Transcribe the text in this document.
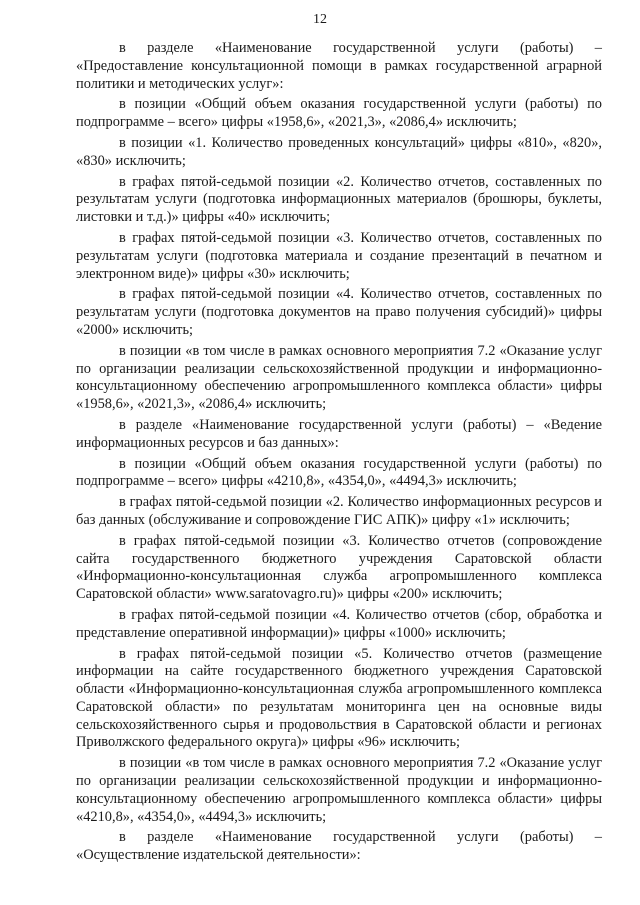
12

в разделе «Наименование государственной услуги (работы) – «Предоставление консультационной помощи в рамках государственной аграрной политики и методических услуг»:

в позиции «Общий объем оказания государственной услуги (работы) по подпрограмме – всего» цифры «1958,6», «2021,3», «2086,4» исключить;

в позиции «1. Количество проведенных консультаций» цифры «810», «820», «830» исключить;

в графах пятой-седьмой позиции «2. Количество отчетов, составленных по результатам услуги (подготовка информационных материалов (брошюры, буклеты, листовки и т.д.)» цифры «40» исключить;

в графах пятой-седьмой позиции «3. Количество отчетов, составленных по результатам услуги (подготовка материала и создание презентаций в печатном и электронном виде)» цифры «30» исключить;

в графах пятой-седьмой позиции «4. Количество отчетов, составленных по результатам услуги (подготовка документов на право получения субсидий)» цифры «2000» исключить;

в позиции «в том числе в рамках основного мероприятия 7.2 «Оказание услуг по организации реализации сельскохозяйственной продукции и информационно-консультационному обеспечению агропромышленного комплекса области» цифры «1958,6», «2021,3», «2086,4» исключить;

в разделе «Наименование государственной услуги (работы) – «Ведение информационных ресурсов и баз данных»:

в позиции «Общий объем оказания государственной услуги (работы) по подпрограмме – всего» цифры «4210,8», «4354,0», «4494,3» исключить;

в графах пятой-седьмой позиции «2. Количество информационных ресурсов и баз данных (обслуживание и сопровождение ГИС АПК)» цифру «1» исключить;

в графах пятой-седьмой позиции «3. Количество отчетов (сопровождение сайта государственного бюджетного учреждения Саратовской области «Информационно-консультационная служба агропромышленного комплекса Саратовской области» www.saratovagro.ru)» цифры «200» исключить;

в графах пятой-седьмой позиции «4. Количество отчетов (сбор, обработка и представление оперативной информации)» цифры «1000» исключить;

в графах пятой-седьмой позиции «5. Количество отчетов (размещение информации на сайте государственного бюджетного учреждения Саратовской области «Информационно-консультационная служба агропромышленного комплекса Саратовской области» по результатам мониторинга цен на основные виды сельскохозяйственного сырья и продовольствия в Саратовской области и регионах Приволжского федерального округа)» цифры «96» исключить;

в позиции «в том числе в рамках основного мероприятия 7.2 «Оказание услуг по организации реализации сельскохозяйственной продукции и информационно-консультационному обеспечению агропромышленного комплекса области» цифры «4210,8», «4354,0», «4494,3» исключить;

в разделе «Наименование государственной услуги (работы) – «Осуществление издательской деятельности»:
